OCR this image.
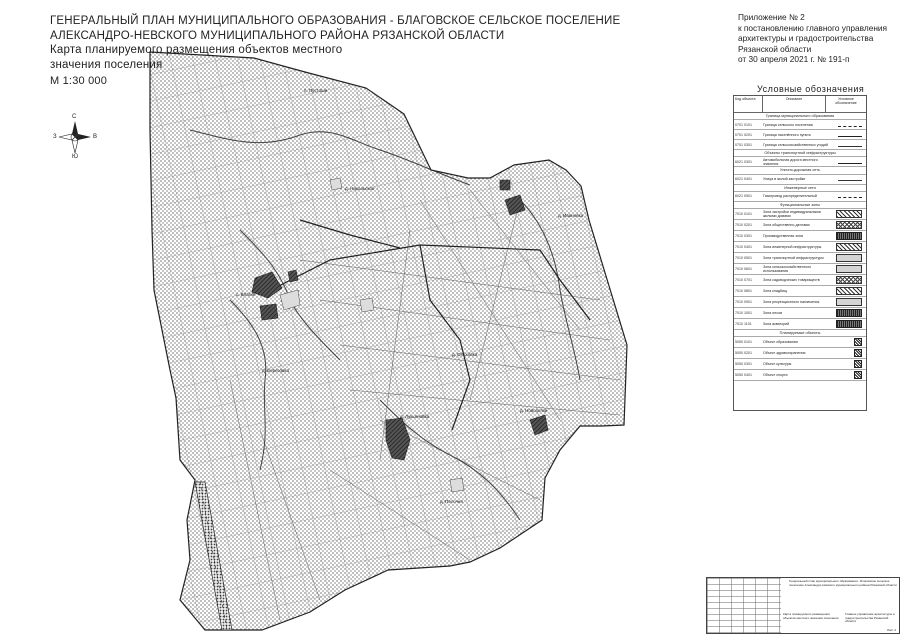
п. Пустоши
с. Благие
д. Ольховка
д. Ивановка
д. Песочня
д. Новоселки
д. Березовка
д. Никольское
д. Лукьяновка
С
Ю
З	В
ГЕНЕРАЛЬНЫЙ ПЛАН МУНИЦИПАЛЬНОГО ОБРАЗОВАНИЯ - БЛАГОВСКОЕ СЕЛЬСКОЕ ПОСЕЛЕНИЕ
АЛЕКСАНДРО-НЕВСКОГО МУНИЦИПАЛЬНОГО РАЙОНА РЯЗАНСКОЙ ОБЛАСТИ
Карта планируемого размещения объектов местного
значения поселения
М 1:30 000
Приложение № 2
к постановлению главного управления
архитектуры и градостроительства
Рязанской области
от 30 апреля 2021 г. № 191-п
Условные обозначения
Код объекта	Описание	Условное обозначение
Граница муниципального образования
0701 0101	Граница сельского поселения
0701 0201	Граница населённого пункта
0701 0301	Граница сельскохозяйственных угодий
Объекты транспортной инфраструктуры
6021 0301
Автомобильная дорога местного значения
Улично-дорожная сеть
6021 0401	Улица в жилой застройке
Инженерные сети
6021 0501	Газопровод распределительный
Функциональные зоны
7010 0101
Зона застройки индивидуальными жилыми домами
7010 0201	Зона общественно-деловая
7010 0301	Производственная зона
7010 0401	Зона инженерной инфраструктуры
7010 0501	Зона транспортной инфраструктуры
7010 0601
Зона сельскохозяйственного использования
7010 0701	Зона садоводческих товариществ
7010 0801	Зона кладбищ
7010 0901	Зона рекреационного назначения
7010 1001	Зона лесов
7010 1101	Зона акваторий
Планируемые объекты
5050 0101	Объект образования
5050 0201	Объект здравоохранения
5050 0301	Объект культуры
5050 0401	Объект спорта
Генеральный план муниципального образования - Благовское сельское поселение Александро-Невского муниципального района Рязанской области
Карта планируемого размещения объектов местного значения поселения
Главное управление архитектуры и градостроительства Рязанской области
Лист 2
